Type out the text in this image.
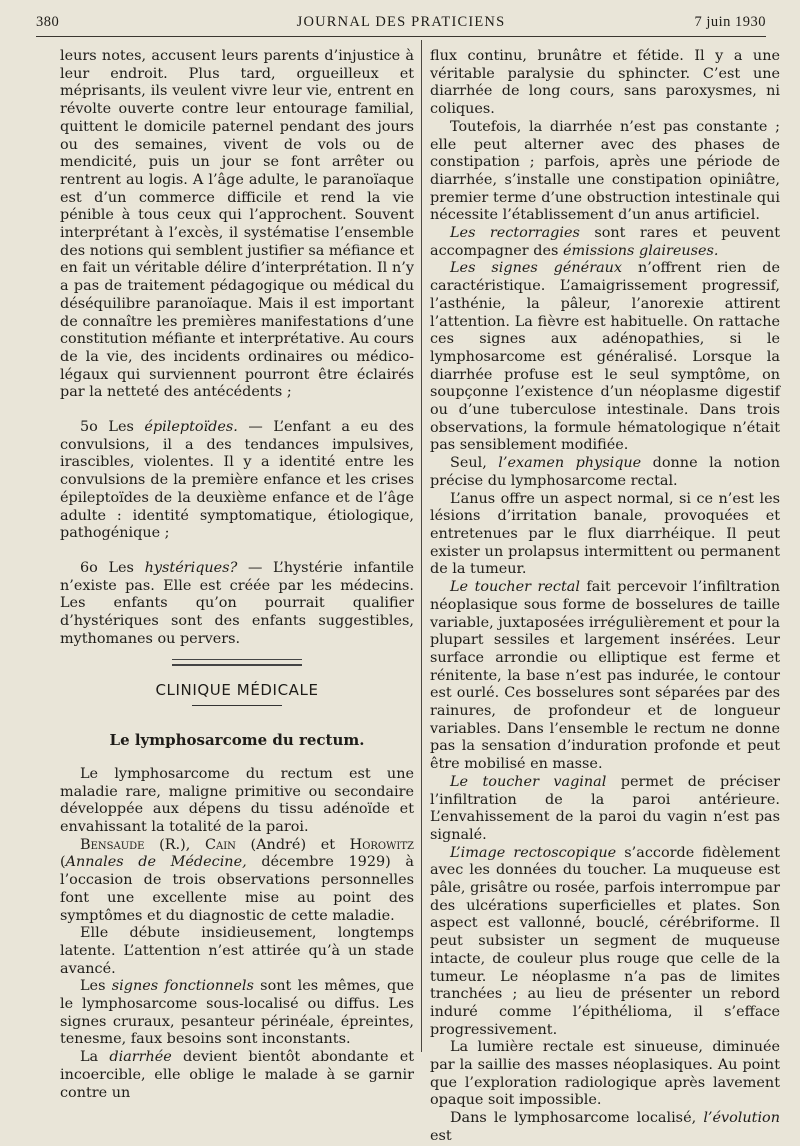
380	JOURNAL DES PRATICIENS	7 juin 1930

leurs notes, accusent leurs parents d’injustice à leur endroit. Plus tard, orgueilleux et méprisants, ils veulent vivre leur vie, entrent en révolte ouverte contre leur entourage familial, quittent le domicile paternel pendant des jours ou des semaines, vivent de vols ou de mendicité, puis un jour se font arrêter ou rentrent au logis. A l’âge adulte, le paranoïaque est d’un commerce difficile et rend la vie pénible à tous ceux qui l’approchent. Souvent interprétant à l’excès, il systématise l’ensemble des notions qui semblent justifier sa méfiance et en fait un véritable délire d’interprétation. Il n’y a pas de traitement pédagogique ou médical du déséquilibre paranoïaque. Mais il est important de connaître les premières manifestations d’une constitution méfiante et interprétative. Au cours de la vie, des incidents ordinaires ou médico-légaux qui surviennent pourront être éclairés par la netteté des antécédents ;

5o Les épileptoïdes. — L’enfant a eu des convulsions, il a des tendances impulsives, irascibles, violentes. Il y a identité entre les convulsions de la première enfance et les crises épileptoïdes de la deuxième enfance et de l’âge adulte : identité symptomatique, étiologique, pathogénique ;

6o Les hystériques? — L’hystérie infantile n’existe pas. Elle est créée par les médecins. Les enfants qu’on pourrait qualifier d’hystériques sont des enfants suggestibles, mythomanes ou pervers.

CLINIQUE MÉDICALE
Le lymphosarcome du rectum.

Le lymphosarcome du rectum est une maladie rare, maligne primitive ou secondaire développée aux dépens du tissu adénoïde et envahissant la totalité de la paroi.

Bensaude (R.), Cain (André) et Horowitz (Annales de Médecine, décembre 1929) à l’occasion de trois observations personnelles font une excellente mise au point des symptômes et du diagnostic de cette maladie.

Elle débute insidieusement, longtemps latente. L’attention n’est attirée qu’à un stade avancé.

Les signes fonctionnels sont les mêmes, que le lymphosarcome sous-localisé ou diffus. Les signes cruraux, pesanteur périnéale, épreintes, tenesme, faux besoins sont inconstants.

La diarrhée devient bientôt abondante et incoercible, elle oblige le malade à se garnir contre un

flux continu, brunâtre et fétide. Il y a une véritable paralysie du sphincter. C’est une diarrhée de long cours, sans paroxysmes, ni coliques.

Toutefois, la diarrhée n’est pas constante ; elle peut alterner avec des phases de constipation ; parfois, après une période de diarrhée, s’installe une constipation opiniâtre, premier terme d’une obstruction intestinale qui nécessite l’établissement d’un anus artificiel.

Les rectorragies sont rares et peuvent accompagner des émissions glaireuses.

Les signes généraux n’offrent rien de caractéristique. L’amaigrissement progressif, l’asthénie, la pâleur, l’anorexie attirent l’attention. La fièvre est habituelle. On rattache ces signes aux adénopathies, si le lymphosarcome est généralisé. Lorsque la diarrhée profuse est le seul symptôme, on soupçonne l’existence d’un néoplasme digestif ou d’une tuberculose intestinale. Dans trois observations, la formule hématologique n’était pas sensiblement modifiée.

Seul, l’examen physique donne la notion précise du lymphosarcome rectal.

L’anus offre un aspect normal, si ce n’est les lésions d’irritation banale, provoquées et entretenues par le flux diarrhéique. Il peut exister un prolapsus intermittent ou permanent de la tumeur.

Le toucher rectal fait percevoir l’infiltration néoplasique sous forme de bosselures de taille variable, juxtaposées irrégulièrement et pour la plupart sessiles et largement insérées. Leur surface arrondie ou elliptique est ferme et rénitente, la base n’est pas indurée, le contour est ourlé. Ces bosselures sont séparées par des rainures, de profondeur et de longueur variables. Dans l’ensemble le rectum ne donne pas la sensation d’induration profonde et peut être mobilisé en masse.

Le toucher vaginal permet de préciser l’infiltration de la paroi antérieure. L’envahissement de la paroi du vagin n’est pas signalé.

L’image rectoscopique s’accorde fidèlement avec les données du toucher. La muqueuse est pâle, grisâtre ou rosée, parfois interrompue par des ulcérations superficielles et plates. Son aspect est vallonné, bouclé, cérébriforme. Il peut subsister un segment de muqueuse intacte, de couleur plus rouge que celle de la tumeur. Le néoplasme n’a pas de limites tranchées ; au lieu de présenter un rebord induré comme l’épithélioma, il s’efface progressivement.

La lumière rectale est sinueuse, diminuée par la saillie des masses néoplasiques. Au point que l’exploration radiologique après lavement opaque soit impossible.

Dans le lymphosarcome localisé, l’évolution est
